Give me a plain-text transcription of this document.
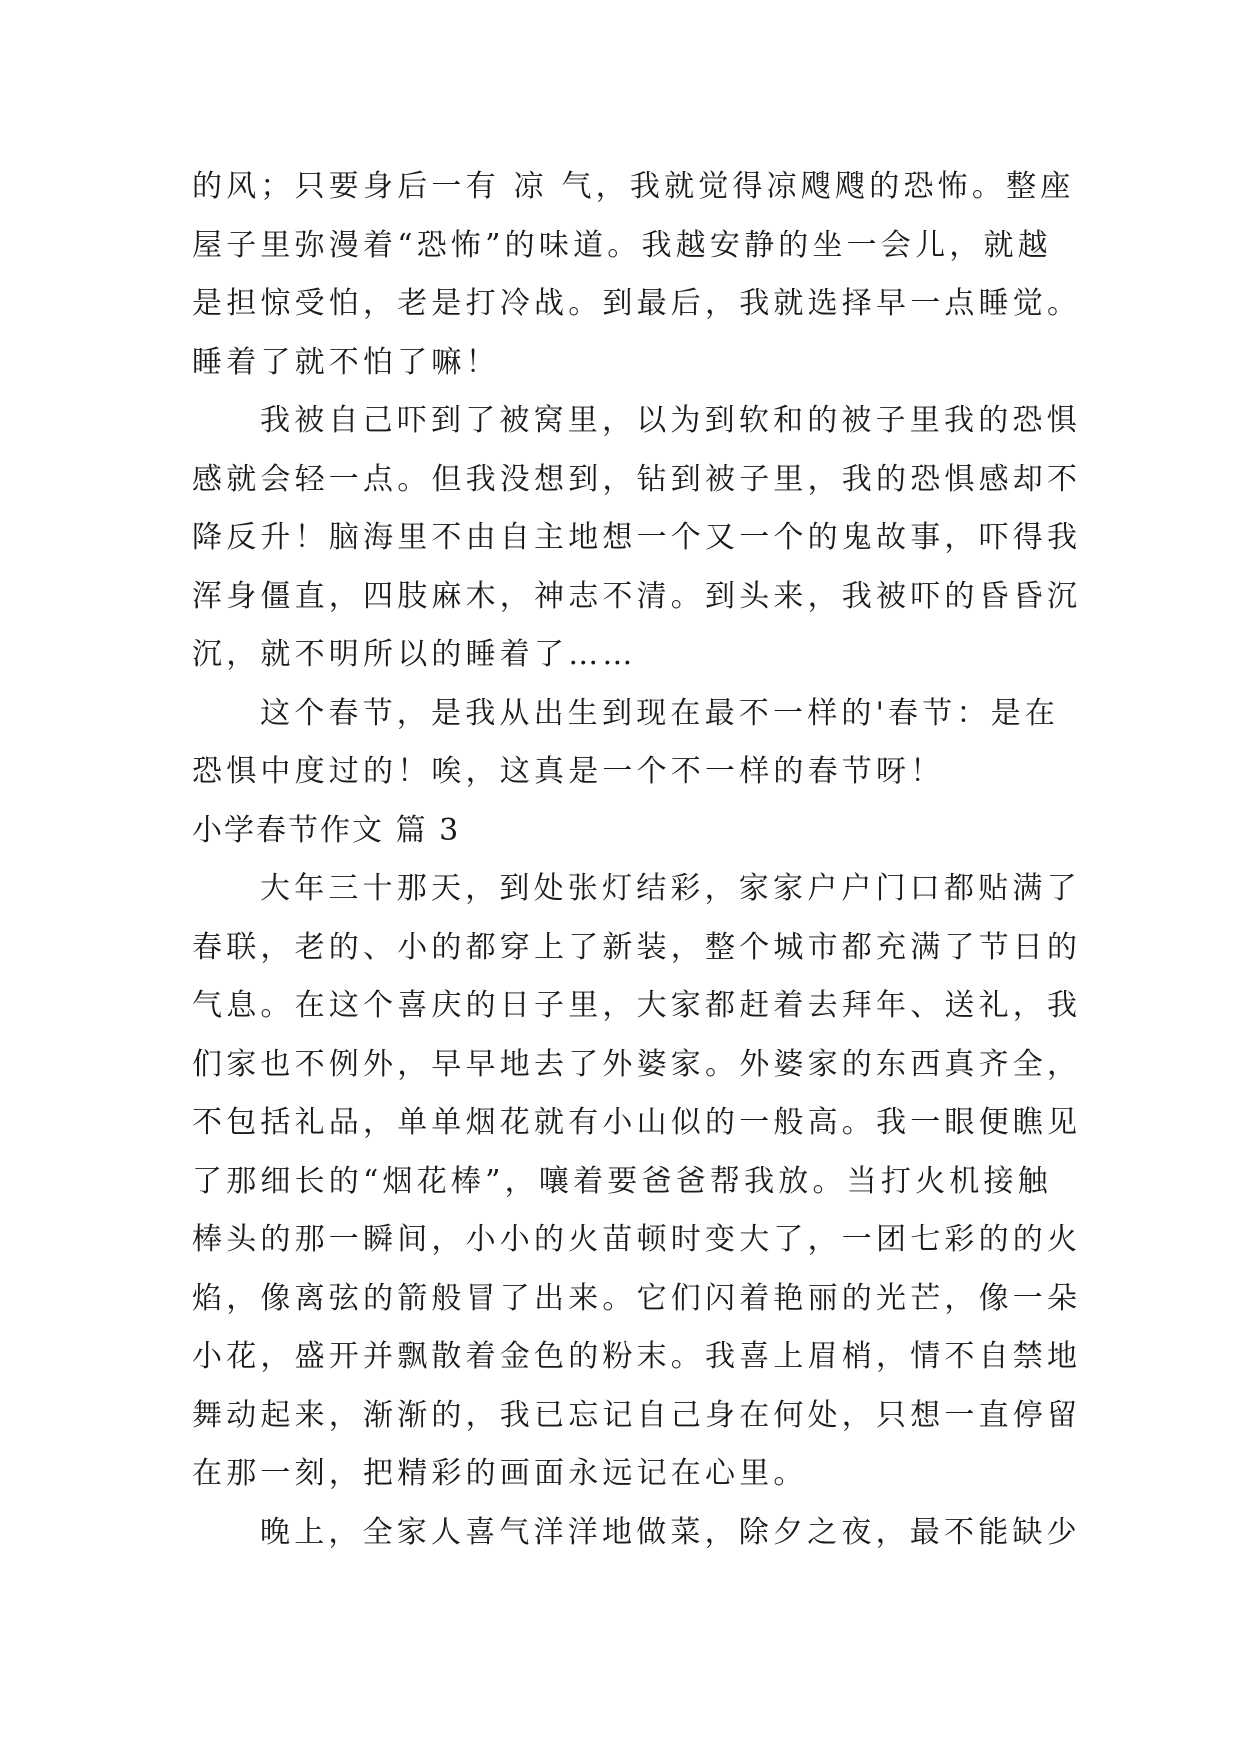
的风；只要身后一有 凉 气，我就觉得凉飕飕的恐怖。整座
屋子里弥漫着“恐怖”的味道。我越安静的坐一会儿，就越
是担惊受怕，老是打冷战。到最后，我就选择早一点睡觉。
睡着了就不怕了嘛！
我被自己吓到了被窝里，以为到软和的被子里我的恐惧
感就会轻一点。但我没想到，钻到被子里，我的恐惧感却不
降反升！脑海里不由自主地想一个又一个的鬼故事，吓得我
浑身僵直，四肢麻木，神志不清。到头来，我被吓的昏昏沉
沉，就不明所以的睡着了……
这个春节，是我从出生到现在最不一样的'春节：是在
恐惧中度过的！唉，这真是一个不一样的春节呀！
小学春节作文 篇 3
大年三十那天，到处张灯结彩，家家户户门口都贴满了
春联，老的、小的都穿上了新装，整个城市都充满了节日的
气息。在这个喜庆的日子里，大家都赶着去拜年、送礼，我
们家也不例外，早早地去了外婆家。外婆家的东西真齐全，
不包括礼品，单单烟花就有小山似的一般高。我一眼便瞧见
了那细长的“烟花棒”，嚷着要爸爸帮我放。当打火机接触
棒头的那一瞬间，小小的火苗顿时变大了，一团七彩的的火
焰，像离弦的箭般冒了出来。它们闪着艳丽的光芒，像一朵
小花，盛开并飘散着金色的粉末。我喜上眉梢，情不自禁地
舞动起来，渐渐的，我已忘记自己身在何处，只想一直停留
在那一刻，把精彩的画面永远记在心里。
晚上，全家人喜气洋洋地做菜，除夕之夜，最不能缺少
